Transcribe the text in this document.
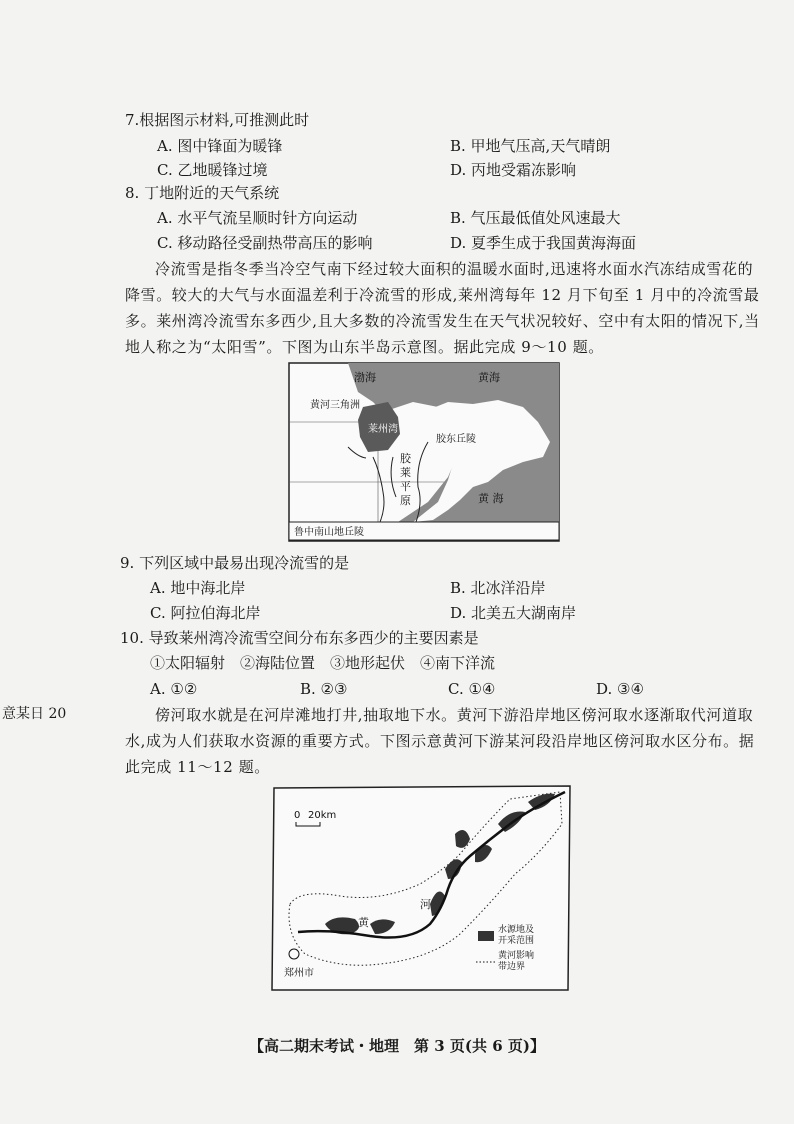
7.根据图示材料,可推测此时
A. 图中锋面为暖锋	B. 甲地气压高,天气晴朗
C. 乙地暖锋过境	D. 丙地受霜冻影响
8. 丁地附近的天气系统
A. 水平气流呈顺时针方向运动	B. 气压最低值处风速最大
C. 移动路径受副热带高压的影响	D. 夏季生成于我国黄海海面
冷流雪是指冬季当冷空气南下经过较大面积的温暖水面时,迅速将水面水汽冻结成雪花的
降雪。较大的大气与水面温差利于冷流雪的形成,莱州湾每年 12 月下旬至 1 月中的冷流雪最
多。莱州湾冷流雪东多西少,且大多数的冷流雪发生在天气状况较好、空中有太阳的情况下,当
地人称之为“太阳雪”。下图为山东半岛示意图。据此完成 9～10 题。
渤海	黄海
黄河三角洲
莱州湾
胶东丘陵
胶
莱
平
原	黄 海
鲁中南山地丘陵
9. 下列区域中最易出现冷流雪的是
A. 地中海北岸	B. 北冰洋沿岸
C. 阿拉伯海北岸	D. 北美五大湖南岸
10. 导致莱州湾冷流雪空间分布东多西少的主要因素是
①太阳辐射　②海陆位置　③地形起伏　④南下洋流
A. ①②	B. ②③	C. ①④	D. ③④
意某日 20	傍河取水就是在河岸滩地打井,抽取地下水。黄河下游沿岸地区傍河取水逐渐取代河道取
水,成为人们获取水资源的重要方式。下图示意黄河下游某河段沿岸地区傍河取水区分布。据
此完成 11～12 题。
0 20km
郑州市
黄
河
水源地及
开采范围
黄河影响
带边界
【高二期末考试・地理　第 3 页(共 6 页)】
